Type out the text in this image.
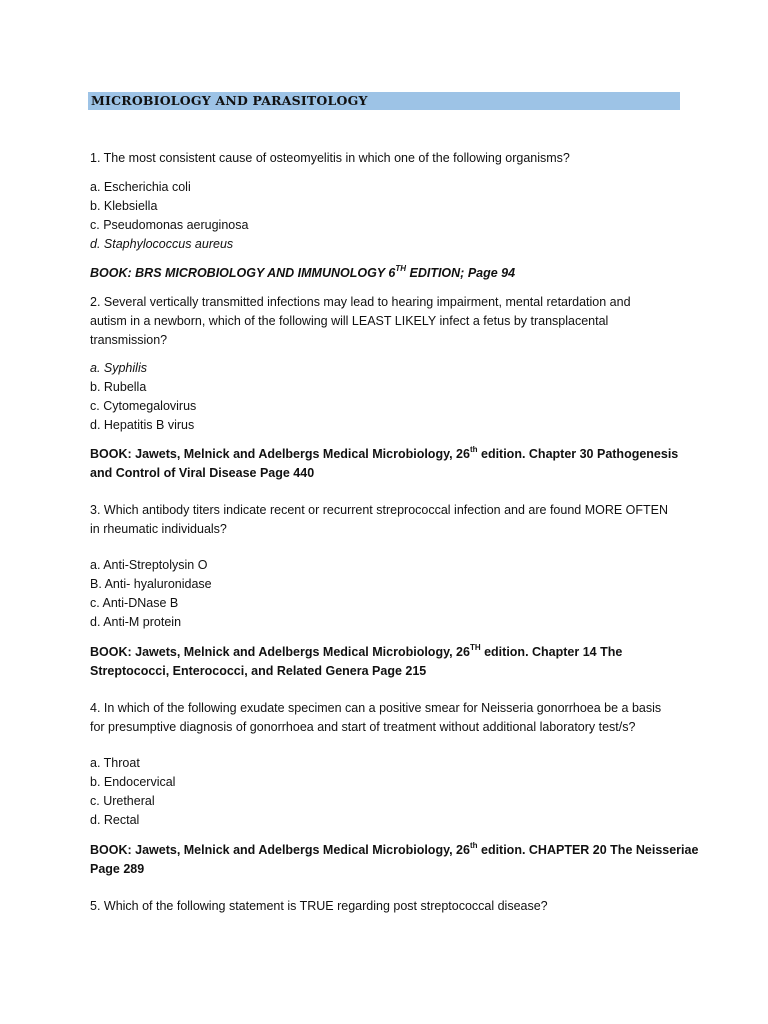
MICROBIOLOGY AND PARASITOLOGY
1. The most consistent cause of osteomyelitis in which one of the following organisms?
a. Escherichia coli
b. Klebsiella
c. Pseudomonas aeruginosa
d. Staphylococcus aureus
BOOK: BRS MICROBIOLOGY AND IMMUNOLOGY 6TH EDITION; Page 94
2. Several vertically transmitted infections may lead to hearing impairment, mental retardation and
autism in a newborn, which of the following will LEAST LIKELY infect a fetus by transplacental
transmission?
a. Syphilis
b. Rubella
c. Cytomegalovirus
d. Hepatitis B virus
BOOK: Jawets, Melnick and Adelbergs Medical Microbiology, 26th edition. Chapter 30 Pathogenesis
and Control of Viral Disease Page 440
3. Which antibody titers indicate recent or recurrent streprococcal infection and are found MORE OFTEN
in rheumatic individuals?
a. Anti-Streptolysin O
B. Anti- hyaluronidase
c. Anti-DNase B
d. Anti-M protein
BOOK: Jawets, Melnick and Adelbergs Medical Microbiology, 26TH edition. Chapter 14 The
Streptococci, Enterococci, and Related Genera Page 215
4. In which of the following exudate specimen can a positive smear for Neisseria gonorrhoea be a basis
for presumptive diagnosis of gonorrhoea and start of treatment without additional laboratory test/s?
a. Throat
b. Endocervical
c. Uretheral
d. Rectal
BOOK: Jawets, Melnick and Adelbergs Medical Microbiology, 26th edition. CHAPTER 20 The Neisseriae
Page 289
5. Which of the following statement is TRUE regarding post streptococcal disease?
